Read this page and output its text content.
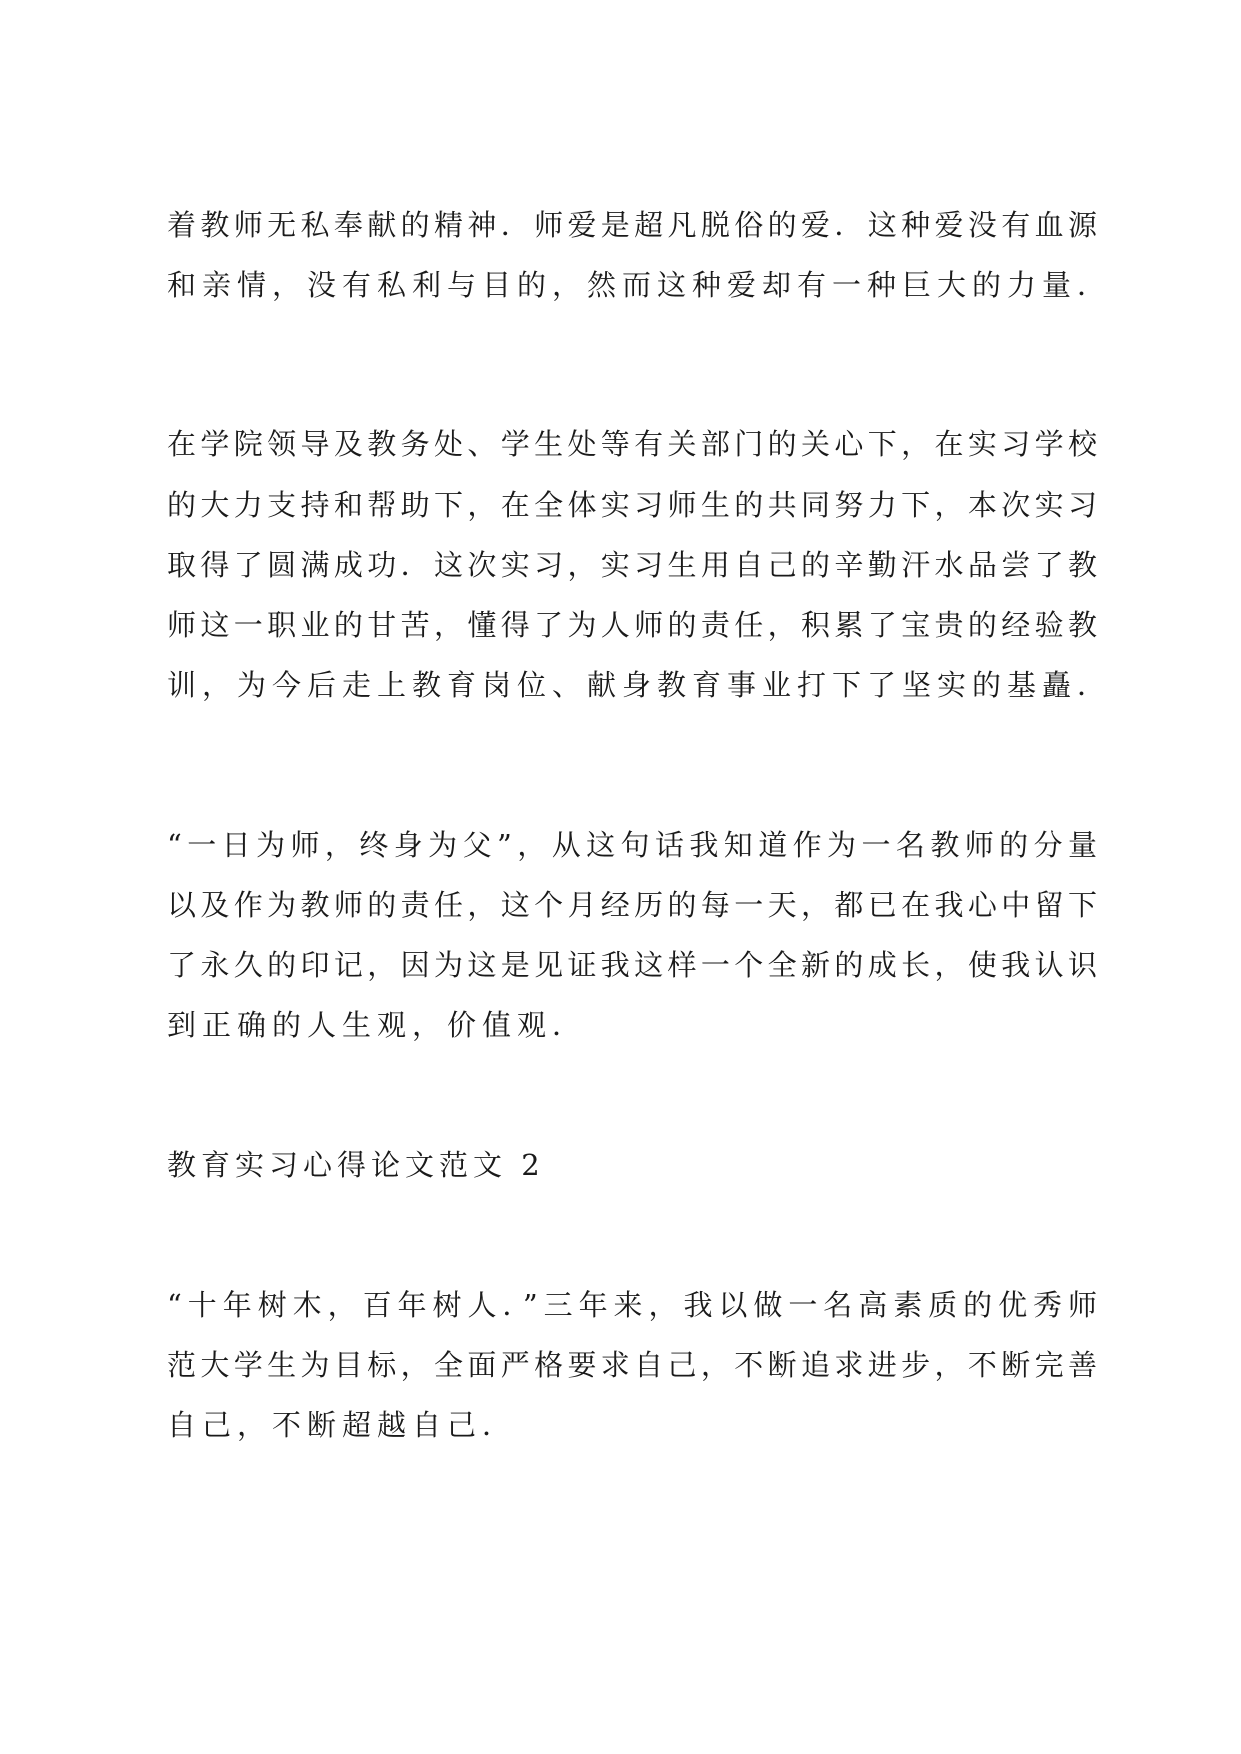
着教师无私奉献的精神．师爱是超凡脱俗的爱．这种爱没有血源
和亲情，没有私利与目的，然而这种爱却有一种巨大的力量．
在学院领导及教务处、学生处等有关部门的关心下，在实习学校
的大力支持和帮助下，在全体实习师生的共同努力下，本次实习
取得了圆满成功．这次实习，实习生用自己的辛勤汗水品尝了教
师这一职业的甘苦，懂得了为人师的责任，积累了宝贵的经验教
训，为今后走上教育岗位、献身教育事业打下了坚实的基矗．
“一日为师，终身为父”，从这句话我知道作为一名教师的分量
以及作为教师的责任，这个月经历的每一天，都已在我心中留下
了永久的印记，因为这是见证我这样一个全新的成长，使我认识
到正确的人生观，价值观．
教育实习心得论文范文 2
“十年树木，百年树人．”三年来，我以做一名高素质的优秀师
范大学生为目标，全面严格要求自己，不断追求进步，不断完善
自己，不断超越自己．
